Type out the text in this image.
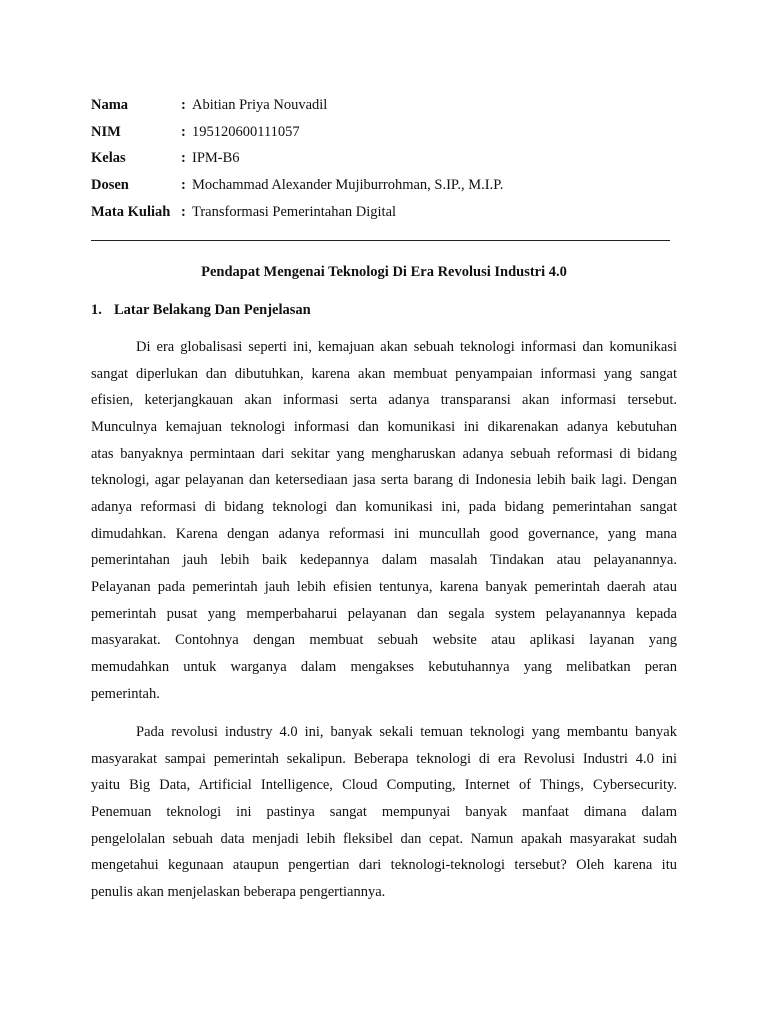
Nama	: Abitian Priya Nouvadil
NIM	: 195120600111057
Kelas	: IPM-B6
Dosen	: Mochammad Alexander Mujiburrohman, S.IP., M.I.P.
Mata Kuliah : Transformasi Pemerintahan Digital
Pendapat Mengenai Teknologi Di Era Revolusi Industri 4.0
1. Latar Belakang Dan Penjelasan
Di era globalisasi seperti ini, kemajuan akan sebuah teknologi informasi dan komunikasi
sangat diperlukan dan dibutuhkan, karena akan membuat penyampaian informasi yang sangat
efisien, keterjangkauan akan informasi serta adanya transparansi akan informasi tersebut.
Munculnya kemajuan teknologi informasi dan komunikasi ini dikarenakan adanya kebutuhan
atas banyaknya permintaan dari sekitar yang mengharuskan adanya sebuah reformasi di bidang
teknologi, agar pelayanan dan ketersediaan jasa serta barang di Indonesia lebih baik lagi. Dengan
adanya reformasi di bidang teknologi dan komunikasi ini, pada bidang pemerintahan sangat
dimudahkan. Karena dengan adanya reformasi ini muncullah good governance, yang mana
pemerintahan jauh lebih baik kedepannya dalam masalah Tindakan atau pelayanannya.
Pelayanan pada pemerintah jauh lebih efisien tentunya, karena banyak pemerintah daerah atau
pemerintah pusat yang memperbaharui pelayanan dan segala system pelayanannya kepada
masyarakat. Contohnya dengan membuat sebuah website atau aplikasi layanan yang
memudahkan untuk warganya dalam mengakses kebutuhannya yang melibatkan peran
pemerintah.
Pada revolusi industry 4.0 ini, banyak sekali temuan teknologi yang membantu banyak
masyarakat sampai pemerintah sekalipun. Beberapa teknologi di era Revolusi Industri 4.0 ini
yaitu Big Data, Artificial Intelligence, Cloud Computing, Internet of Things, Cybersecurity.
Penemuan teknologi ini pastinya sangat mempunyai banyak manfaat dimana dalam
pengelolalan sebuah data menjadi lebih fleksibel dan cepat. Namun apakah masyarakat sudah
mengetahui kegunaan ataupun pengertian dari teknologi-teknologi tersebut? Oleh karena itu
penulis akan menjelaskan beberapa pengertiannya.
